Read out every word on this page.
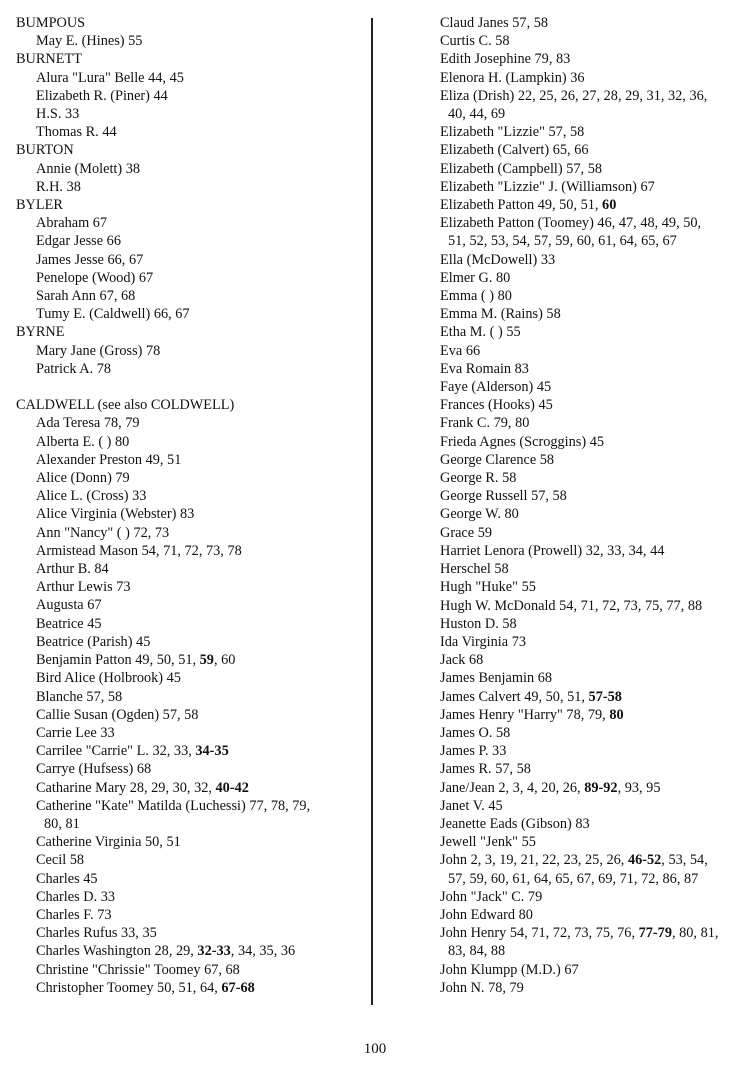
BUMPOUS
May E. (Hines) 55
BURNETT
Alura "Lura" Belle 44, 45
Elizabeth R. (Piner) 44
H.S. 33
Thomas R. 44
BURTON
Annie (Molett) 38
R.H. 38
BYLER
Abraham 67
Edgar Jesse 66
James Jesse 66, 67
Penelope (Wood) 67
Sarah Ann 67, 68
Tumy E. (Caldwell) 66, 67
BYRNE
Mary Jane (Gross) 78
Patrick A. 78
CALDWELL (see also COLDWELL)
Ada Teresa 78, 79
Alberta E. ( ) 80
Alexander Preston 49, 51
Alice (Donn) 79
Alice L. (Cross) 33
Alice Virginia (Webster) 83
Ann "Nancy" ( ) 72, 73
Armistead Mason 54, 71, 72, 73, 78
Arthur B. 84
Arthur Lewis 73
Augusta 67
Beatrice 45
Beatrice (Parish) 45
Benjamin Patton 49, 50, 51, 59, 60
Bird Alice (Holbrook) 45
Blanche 57, 58
Callie Susan (Ogden) 57, 58
Carrie Lee 33
Carrilee "Carrie" L. 32, 33, 34-35
Carrye (Hufsess) 68
Catharine Mary 28, 29, 30, 32, 40-42
Catherine "Kate" Matilda (Luchessi) 77, 78, 79,
80, 81
Catherine Virginia 50, 51
Cecil 58
Charles 45
Charles D. 33
Charles F. 73
Charles Rufus 33, 35
Charles Washington 28, 29, 32-33, 34, 35, 36
Christine "Chrissie" Toomey 67, 68
Christopher Toomey 50, 51, 64, 67-68
Claud Janes 57, 58
Curtis C. 58
Edith Josephine 79, 83
Elenora H. (Lampkin) 36
Eliza (Drish) 22, 25, 26, 27, 28, 29, 31, 32, 36,
40, 44, 69
Elizabeth "Lizzie" 57, 58
Elizabeth (Calvert) 65, 66
Elizabeth (Campbell) 57, 58
Elizabeth "Lizzie" J. (Williamson) 67
Elizabeth Patton 49, 50, 51, 60
Elizabeth Patton (Toomey) 46, 47, 48, 49, 50,
51, 52, 53, 54, 57, 59, 60, 61, 64, 65, 67
Ella (McDowell) 33
Elmer G. 80
Emma ( ) 80
Emma M. (Rains) 58
Etha M. ( ) 55
Eva 66
Eva Romain 83
Faye (Alderson) 45
Frances (Hooks) 45
Frank C. 79, 80
Frieda Agnes (Scroggins) 45
George Clarence 58
George R. 58
George Russell 57, 58
George W. 80
Grace 59
Harriet Lenora (Prowell) 32, 33, 34, 44
Herschel 58
Hugh "Huke" 55
Hugh W. McDonald 54, 71, 72, 73, 75, 77, 88
Huston D. 58
Ida Virginia 73
Jack 68
James Benjamin 68
James Calvert 49, 50, 51, 57-58
James Henry "Harry" 78, 79, 80
James O. 58
James P. 33
James R. 57, 58
Jane/Jean 2, 3, 4, 20, 26, 89-92, 93, 95
Janet V. 45
Jeanette Eads (Gibson) 83
Jewell "Jenk" 55
John 2, 3, 19, 21, 22, 23, 25, 26, 46-52, 53, 54,
57, 59, 60, 61, 64, 65, 67, 69, 71, 72, 86, 87
John "Jack" C. 79
John Edward 80
John Henry 54, 71, 72, 73, 75, 76, 77-79, 80, 81,
83, 84, 88
John Klumpp (M.D.) 67
John N. 78, 79
100
